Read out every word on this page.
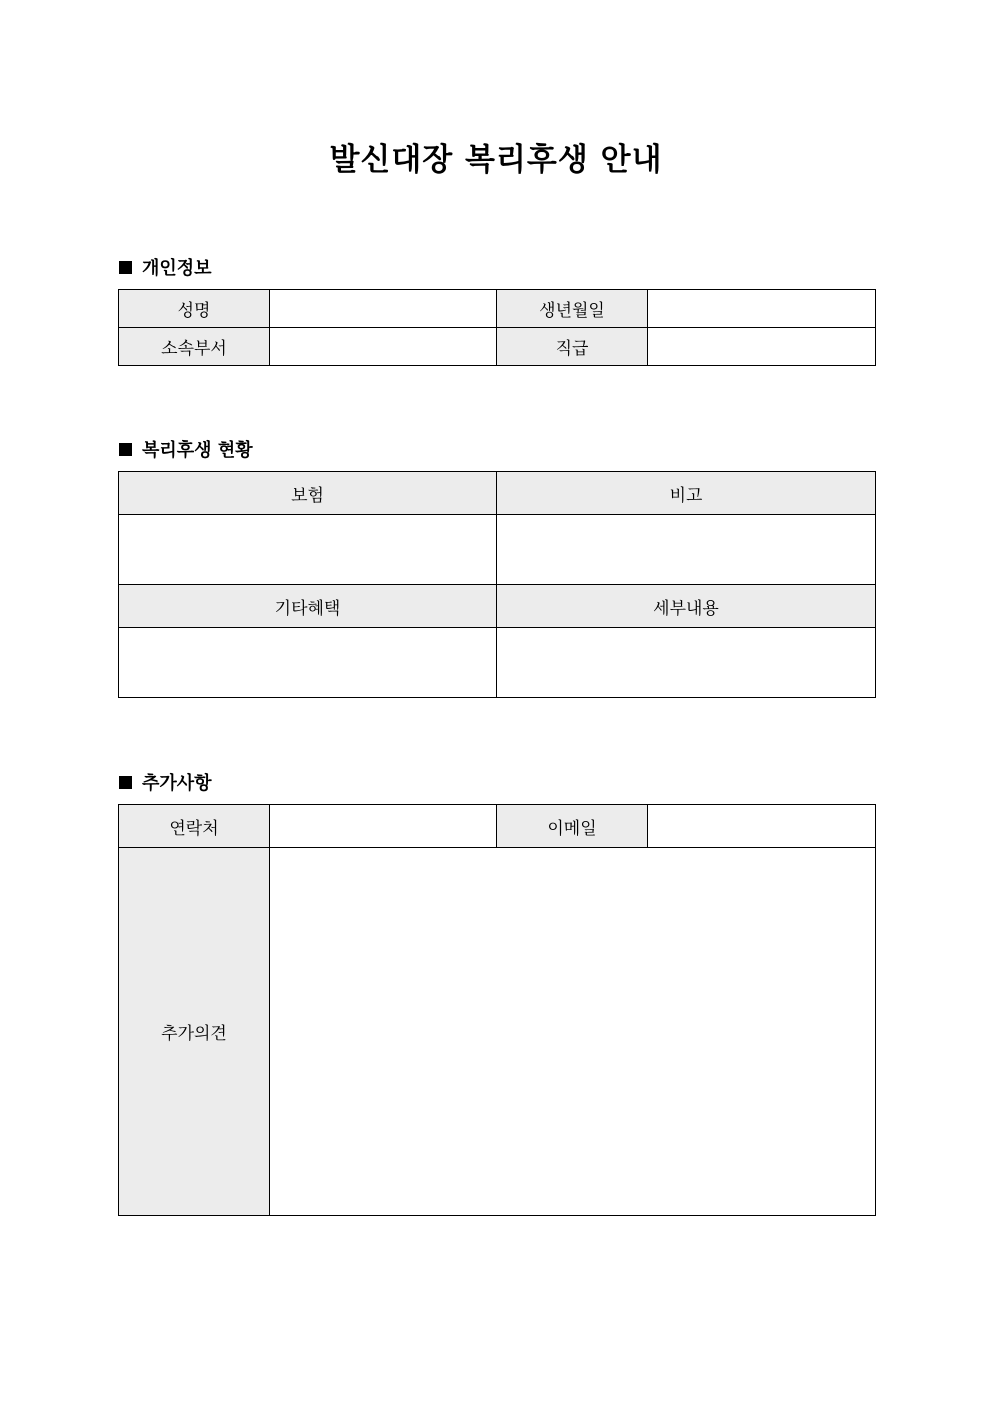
발신대장 복리후생 안내
개인정보
성명		생년월일	
소속부서		직급	
복리후생 현황
보험	비고

기타혜택	세부내용

추가사항
연락처		이메일	
추가의견			
